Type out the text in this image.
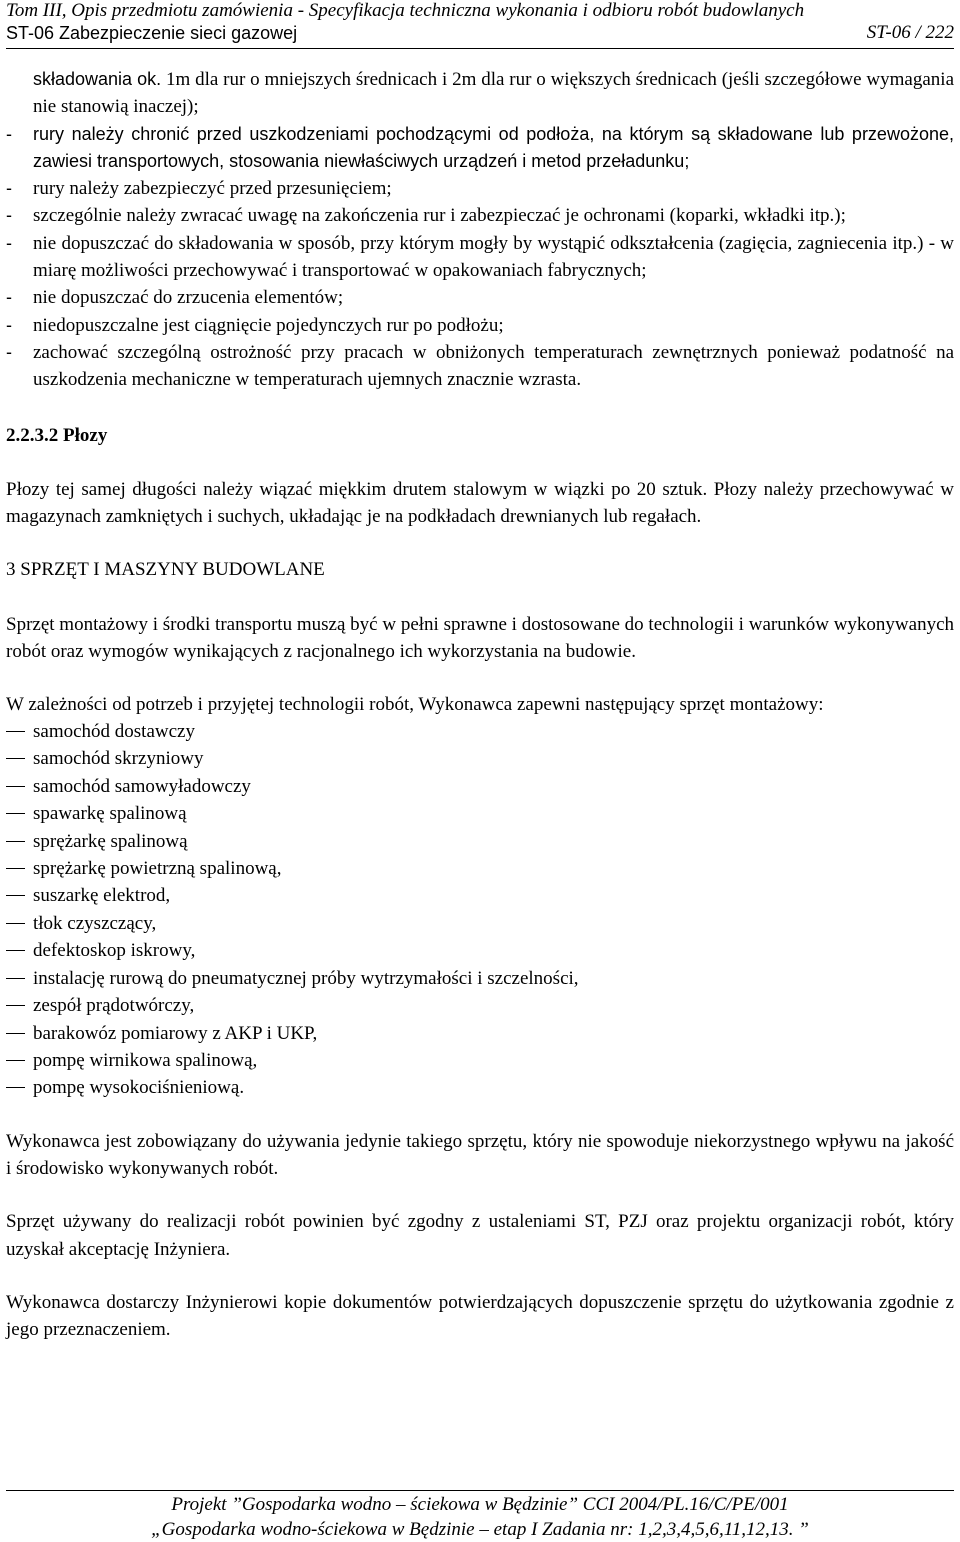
Tom III, Opis przedmiotu zamówienia - Specyfikacja techniczna wykonania i odbioru robót budowlanych
ST-06 Zabezpieczenie sieci gazowej	ST-06 / 222

składowania ok. 1m dla rur o mniejszych średnicach i 2m dla rur o większych średnicach (jeśli szczegółowe wymagania nie stanowią inaczej);

- rury należy chronić przed uszkodzeniami pochodzącymi od podłoża, na którym są składowane lub przewożone, zawiesi transportowych, stosowania niewłaściwych urządzeń i metod przeładunku;

- rury należy zabezpieczyć przed przesunięciem;

- szczególnie należy zwracać uwagę na zakończenia rur i zabezpieczać je ochronami (koparki, wkładki itp.);

- nie dopuszczać do składowania w sposób, przy którym mogły by wystąpić odkształcenia (zagięcia, zagniecenia itp.) - w miarę możliwości przechowywać i transportować w opakowaniach fabrycznych;

- nie dopuszczać do zrzucenia elementów;

- niedopuszczalne jest ciągnięcie pojedynczych rur po podłożu;

- zachować szczególną ostrożność przy pracach w obniżonych temperaturach zewnętrznych ponieważ podatność na uszkodzenia mechaniczne w temperaturach ujemnych znacznie wzrasta.

2.2.3.2 Płozy

Płozy tej samej długości należy wiązać miękkim drutem stalowym w wiązki po 20 sztuk. Płozy należy przechowywać w magazynach zamkniętych i suchych, układając je na podkładach drewnianych lub regałach.

3 SPRZĘT I MASZYNY BUDOWLANE

Sprzęt montażowy i środki transportu muszą być w pełni sprawne i dostosowane do technologii i warunków wykonywanych robót oraz wymogów wynikających z racjonalnego ich wykorzystania na budowie.

W zależności od potrzeb i przyjętej technologii robót, Wykonawca zapewni następujący sprzęt montażowy:

samochód dostawczy
samochód skrzyniowy
samochód samowyładowczy
spawarkę spalinową
sprężarkę spalinową
sprężarkę powietrzną spalinową,
suszarkę elektrod,
tłok czyszczący,
defektoskop iskrowy,
instalację rurową do pneumatycznej próby wytrzymałości i szczelności,
zespół prądotwórczy,
barakowóz pomiarowy z AKP i UKP,
pompę wirnikowa spalinową,
pompę wysokociśnieniową.

Wykonawca jest zobowiązany do używania jedynie takiego sprzętu, który nie spowoduje niekorzystnego wpływu na jakość i środowisko wykonywanych robót.

Sprzęt używany do realizacji robót powinien być zgodny z ustaleniami ST, PZJ oraz projektu organizacji robót, który uzyskał akceptację Inżyniera.

Wykonawca dostarczy Inżynierowi kopie dokumentów potwierdzających dopuszczenie sprzętu do użytkowania zgodnie z jego przeznaczeniem.

Projekt ”Gospodarka wodno – ściekowa w Będzinie” CCI 2004/PL.16/C/PE/001
„Gospodarka wodno-ściekowa w Będzinie – etap I Zadania nr: 1,2,3,4,5,6,11,12,13. ”
